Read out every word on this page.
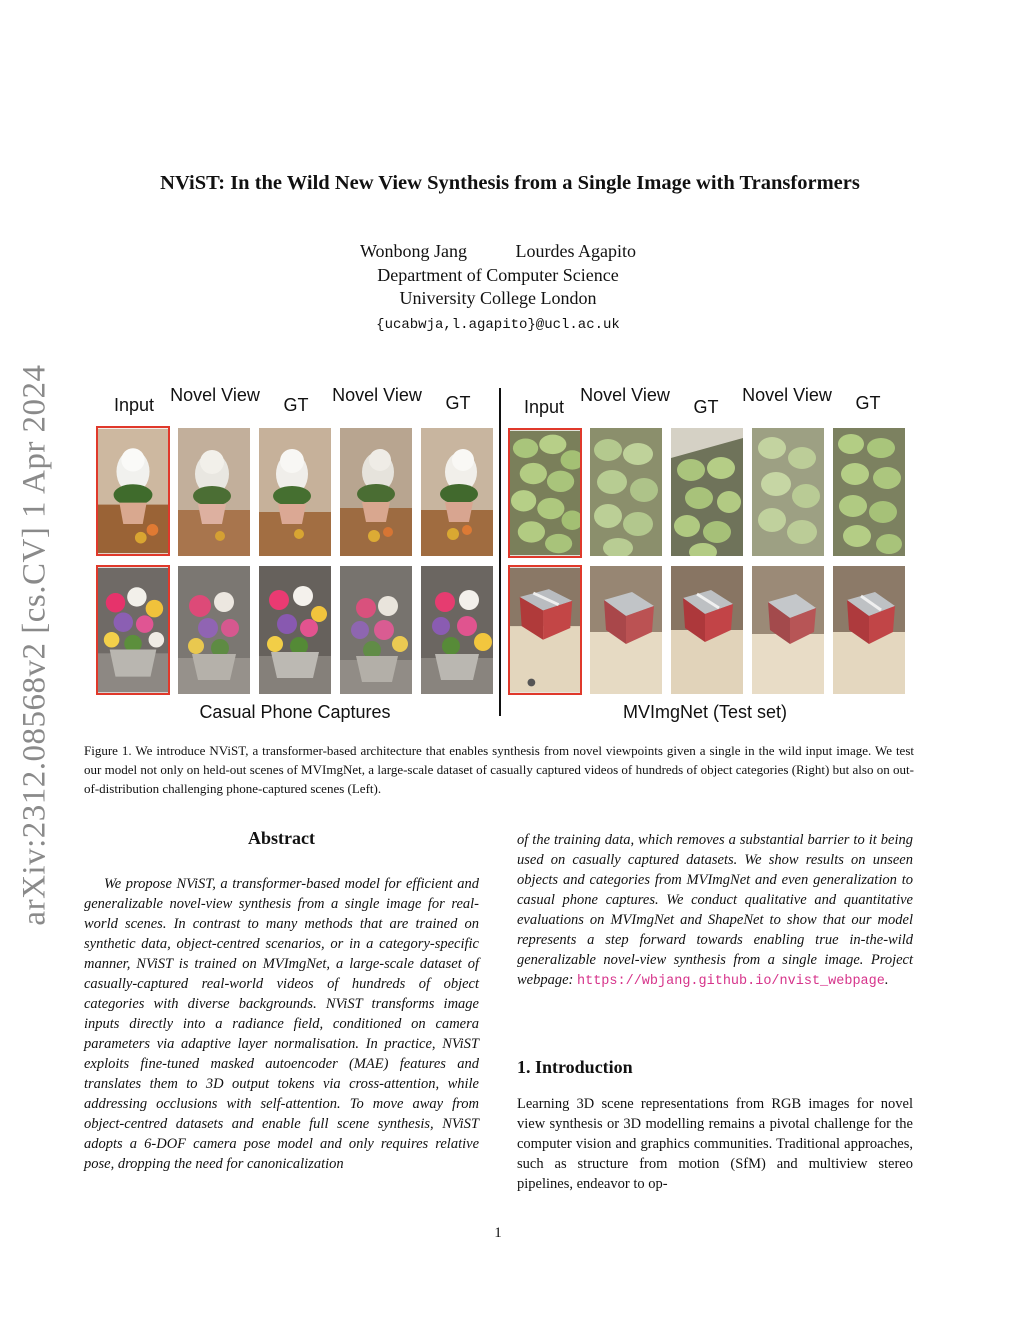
arXiv:2312.08568v2 [cs.CV] 1 Apr 2024
NViST: In the Wild New View Synthesis from a Single Image with Transformers
Wonbong Jang	Lourdes Agapito
Department of Computer Science
University College London
{ucabwja,l.agapito}@ucl.ac.uk
Input Novel View	GT	Novel View	GT	Input
Novel View
GT
Novel View	GT
Casual Phone Captures	MVImgNet (Test set)
Figure 1. We introduce NViST, a transformer-based architecture that enables synthesis from novel viewpoints given a single in the wild input image. We test our model not only on held-out scenes of MVImgNet, a large-scale dataset of casually captured videos of hundreds of object categories (Right) but also on out-of-distribution challenging phone-captured scenes (Left).
Abstract
We propose NViST, a transformer-based model for efficient and generalizable novel-view synthesis from a single image for real-world scenes. In contrast to many methods that are trained on synthetic data, object-centred scenarios, or in a category-specific manner, NViST is trained on MVImgNet, a large-scale dataset of casually-captured real-world videos of hundreds of object categories with diverse backgrounds. NViST transforms image inputs directly into a radiance field, conditioned on camera parameters via adaptive layer normalisation. In practice, NViST exploits fine-tuned masked autoencoder (MAE) features and translates them to 3D output tokens via cross-attention, while addressing occlusions with self-attention. To move away from object-centred datasets and enable full scene synthesis, NViST adopts a 6-DOF camera pose model and only requires relative pose, dropping the need for canonicalization
of the training data, which removes a substantial barrier to it being used on casually captured datasets. We show results on unseen objects and categories from MVImgNet and even generalization to casual phone captures. We conduct qualitative and quantitative evaluations on MVImgNet and ShapeNet to show that our model represents a step forward towards enabling true in-the-wild generalizable novel-view synthesis from a single image. Project webpage: https://wbjang.github.io/nvist_webpage.
1. Introduction
Learning 3D scene representations from RGB images for novel view synthesis or 3D modelling remains a pivotal challenge for the computer vision and graphics communities. Traditional approaches, such as structure from motion (SfM) and multiview stereo pipelines, endeavor to op-
1
